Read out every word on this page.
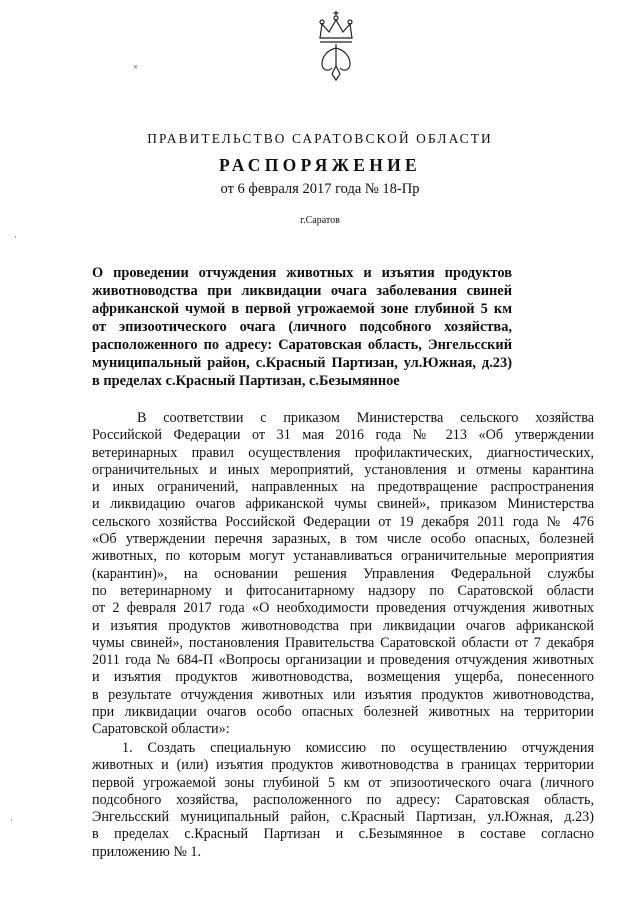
ПРАВИТЕЛЬСТВО САРАТОВСКОЙ ОБЛАСТИ
РАСПОРЯЖЕНИЕ
от 6 февраля 2017 года № 18-Пр
г.Саратов

О проведении отчуждения животных и изъятия продуктов
животноводства при ликвидации очага заболевания свиней
африканской чумой в первой угрожаемой зоне глубиной 5 км
от эпизоотического очага (личного подсобного хозяйства,
расположенного по адресу: Саратовская область, Энгельсский
муниципальный район, с.Красный Партизан, ул.Южная, д.23)
в пределах с.Красный Партизан, с.Безымянное

В соответствии с приказом Министерства сельского хозяйства
Российской Федерации от 31 мая 2016 года № 213 «Об утверждении
ветеринарных правил осуществления профилактических, диагностических,
ограничительных и иных мероприятий, установления и отмены карантина
и иных ограничений, направленных на предотвращение распространения
и ликвидацию очагов африканской чумы свиней», приказом Министерства
сельского хозяйства Российской Федерации от 19 декабря 2011 года № 476
«Об утверждении перечня заразных, в том числе особо опасных, болезней
животных, по которым могут устанавливаться ограничительные мероприятия
(карантин)», на основании решения Управления Федеральной службы
по ветеринарному и фитосанитарному надзору по Саратовской области
от 2 февраля 2017 года «О необходимости проведения отчуждения животных
и изъятия продуктов животноводства при ликвидации очагов африканской
чумы свиней», постановления Правительства Саратовской области от 7 декабря
2011 года № 684-П «Вопросы организации и проведения отчуждения животных
и изъятия продуктов животноводства, возмещения ущерба, понесенного
в результате отчуждения животных или изъятия продуктов животноводства,
при ликвидации очагов особо опасных болезней животных на территории
Саратовской области»:

1. Создать специальную комиссию по осуществлению отчуждения
животных и (или) изъятия продуктов животноводства в границах территории
первой угрожаемой зоны глубиной 5 км от эпизоотического очага (личного
подсобного хозяйства, расположенного по адресу: Саратовская область,
Энгельсский муниципальный район, с.Красный Партизан, ул.Южная, д.23)
в пределах с.Красный Партизан и с.Безымянное в составе согласно
приложению № 1.

×
·
·
